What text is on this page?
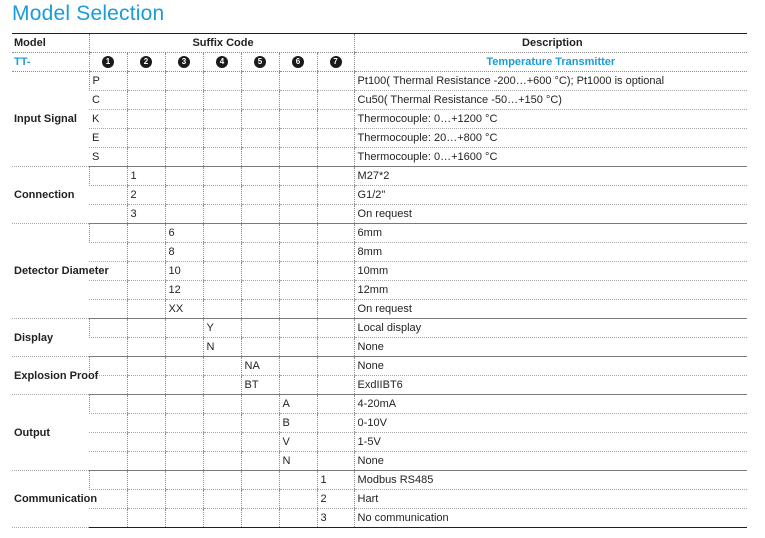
Model Selection
Model	Suffix Code							Description
TT-	1	2	3	4	5	6	7	Temperature Transmitter
Input Signal	P							Pt100( Thermal Resistance -200…+600 °C); Pt1000 is optional
	C							Cu50( Thermal Resistance -50…+150 °C)
	K							Thermocouple: 0…+1200 °C
	E							Thermocouple: 20…+800 °C
	S							Thermocouple: 0…+1600 °C
Connection		1						M27*2
		2						G1/2"
		3						On request
Detector Diameter			6					6mm
			8					8mm
			10					10mm
			12					12mm
			XX					On request
Display				Y				Local display
				N				None
Explosion Proof					NA			None
					BT			ExdIIBT6
Output						A		4-20mA
						B		0-10V
						V		1-5V
						N		None
Communication							1	Modbus RS485
							2	Hart
							3	No communication
